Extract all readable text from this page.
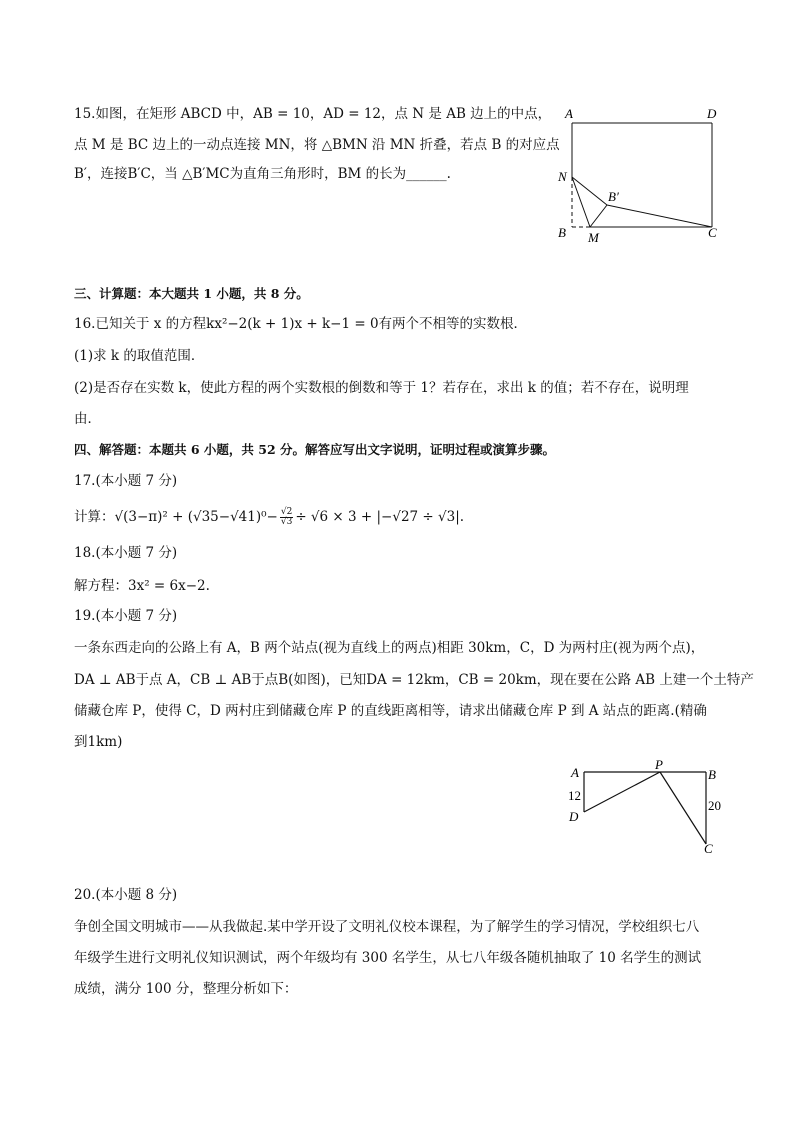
15.如图，在矩形 ABCD 中，AB = 10，AD = 12，点 N 是 AB 边上的中点，
点 M 是 BC 边上的一动点连接 MN，将 △BMN 沿 MN 折叠，若点 B 的对应点
B′，连接B′C，当 △B′MC为直角三角形时，BM 的长为______.
A	D
N
B′
B M	C
三、计算题：本大题共 1 小题，共 8 分。
16.已知关于 x 的方程kx²−2(k + 1)x + k−1 = 0有两个不相等的实数根．
(1)求 k 的取值范围．
(2)是否存在实数 k，使此方程的两个实数根的倒数和等于 1？若存在，求出 k 的值；若不存在，说明理
由．
四、解答题：本题共 6 小题，共 52 分。解答应写出文字说明，证明过程或演算步骤。
17.(本小题 7 分)
计算：$√(3-\pi)^2 + (√35-√41)^0- \frac{√2}{√3} \div √6 \times 3 + |-√27 \div √3|$.
18.(本小题 7 分)
解方程：3x² = 6x−2.
19.(本小题 7 分)
一条东西走向的公路上有 A，B 两个站点(视为直线上的两点)相距 30km，C，D 为两村庄(视为两个点)，
DA ⊥ AB于点 A，CB ⊥ AB于点B(如图)，已知DA = 12km，CB = 20km，现在要在公路 AB 上建一个土特产
储藏仓库 P，使得 C，D 两村庄到储藏仓库 P 的直线距离相等，请求出储藏仓库 P 到 A 站点的距离.(精确
到1km)
A
P
B
12
20
D
C
20.(本小题 8 分)
争创全国文明城市——从我做起.某中学开设了文明礼仪校本课程，为了解学生的学习情况，学校组织七八
年级学生进行文明礼仪知识测试，两个年级均有 300 名学生，从七八年级各随机抽取了 10 名学生的测试
成绩，满分 100 分，整理分析如下：
